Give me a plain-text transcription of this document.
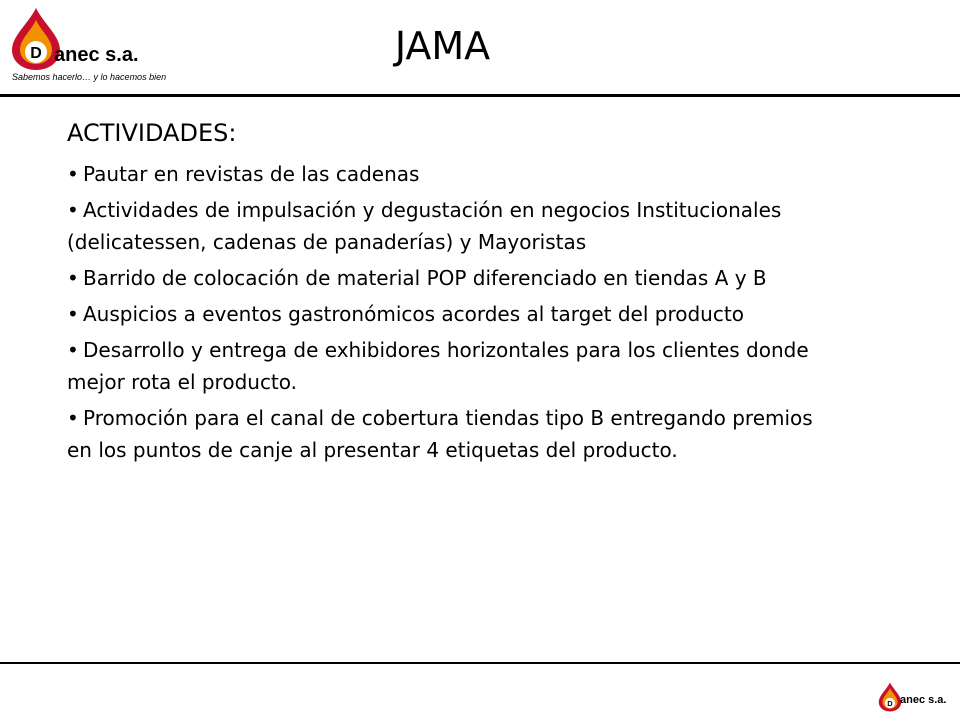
D anec s.a.
Sabemos hacerlo… y lo hacemos bien
JAMA
ACTIVIDADES:
• Pautar en revistas de las cadenas
• Actividades de impulsación y degustación en negocios Institucionales (delicatessen, cadenas de panaderías) y Mayoristas
• Barrido de colocación de material POP diferenciado en tiendas A y B
• Auspicios a eventos gastronómicos acordes al target del producto
• Desarrollo y entrega de exhibidores horizontales para los clientes donde mejor rota el producto.
• Promoción para el canal de cobertura tiendas tipo B entregando premios en los puntos de canje al presentar 4 etiquetas del producto.
D anec s.a.
